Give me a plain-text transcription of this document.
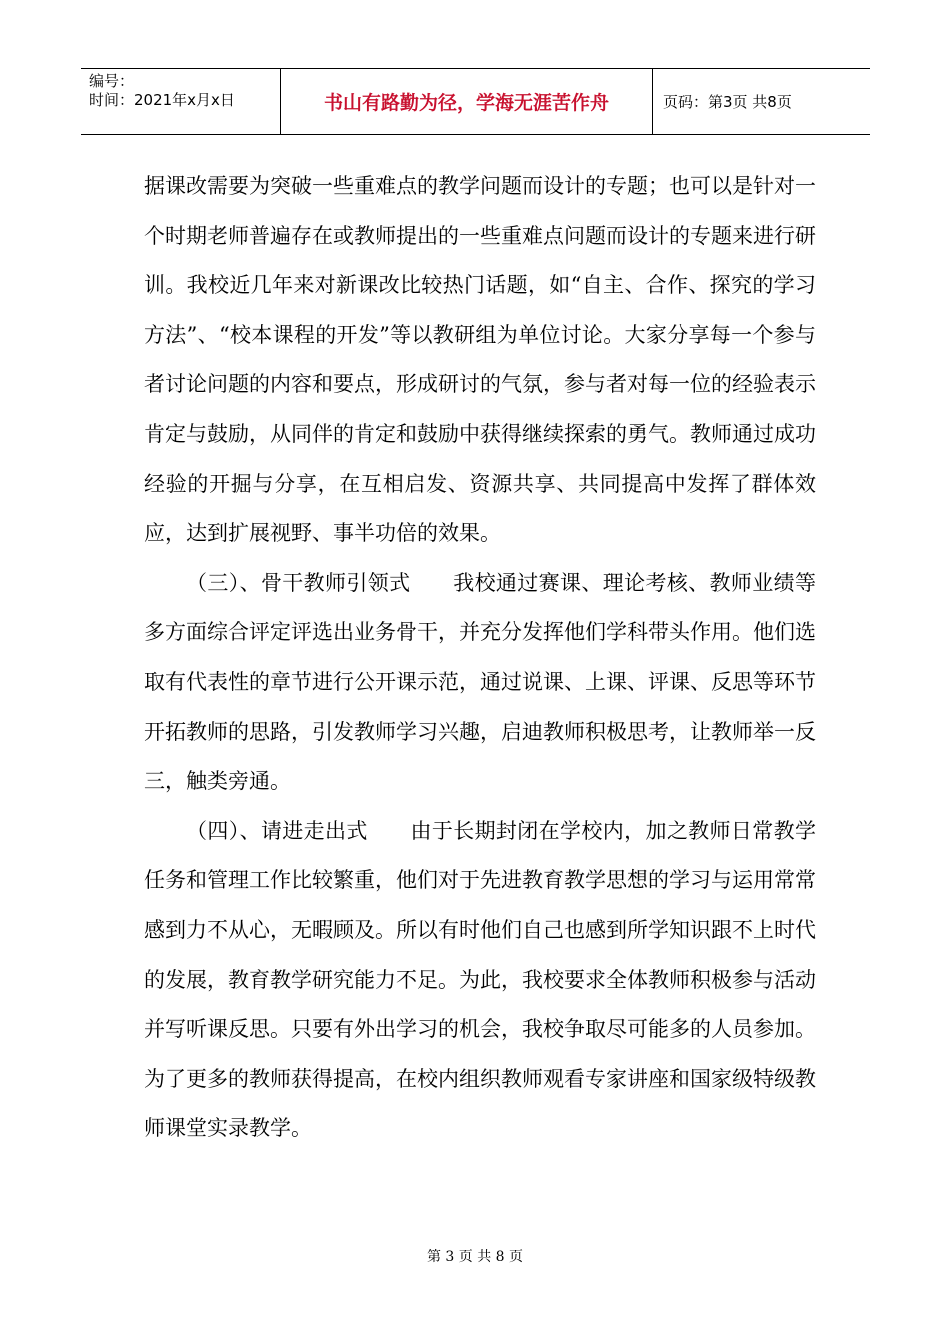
编号：
时间：2021年x月x日	书山有路勤为径，学海无涯苦作舟	页码：第3页 共8页

据课改需要为突破一些重难点的教学问题而设计的专题；也可以是针对一个时期老师普遍存在或教师提出的一些重难点问题而设计的专题来进行研训。我校近几年来对新课改比较热门话题，如“自主、合作、探究的学习方法”、“校本课程的开发”等以教研组为单位讨论。大家分享每一个参与者讨论问题的内容和要点，形成研讨的气氛，参与者对每一位的经验表示肯定与鼓励，从同伴的肯定和鼓励中获得继续探索的勇气。教师通过成功经验的开掘与分享，在互相启发、资源共享、共同提高中发挥了群体效应，达到扩展视野、事半功倍的效果。

（三）、骨干教师引领式　　我校通过赛课、理论考核、教师业绩等多方面综合评定评选出业务骨干，并充分发挥他们学科带头作用。他们选取有代表性的章节进行公开课示范，通过说课、上课、评课、反思等环节开拓教师的思路，引发教师学习兴趣，启迪教师积极思考，让教师举一反三，触类旁通。

（四）、请进走出式　　由于长期封闭在学校内，加之教师日常教学任务和管理工作比较繁重，他们对于先进教育教学思想的学习与运用常常感到力不从心，无暇顾及。所以有时他们自己也感到所学知识跟不上时代的发展，教育教学研究能力不足。为此，我校要求全体教师积极参与活动并写听课反思。只要有外出学习的机会，我校争取尽可能多的人员参加。为了更多的教师获得提高，在校内组织教师观看专家讲座和国家级特级教师课堂实录教学。

第 3 页 共 8 页
